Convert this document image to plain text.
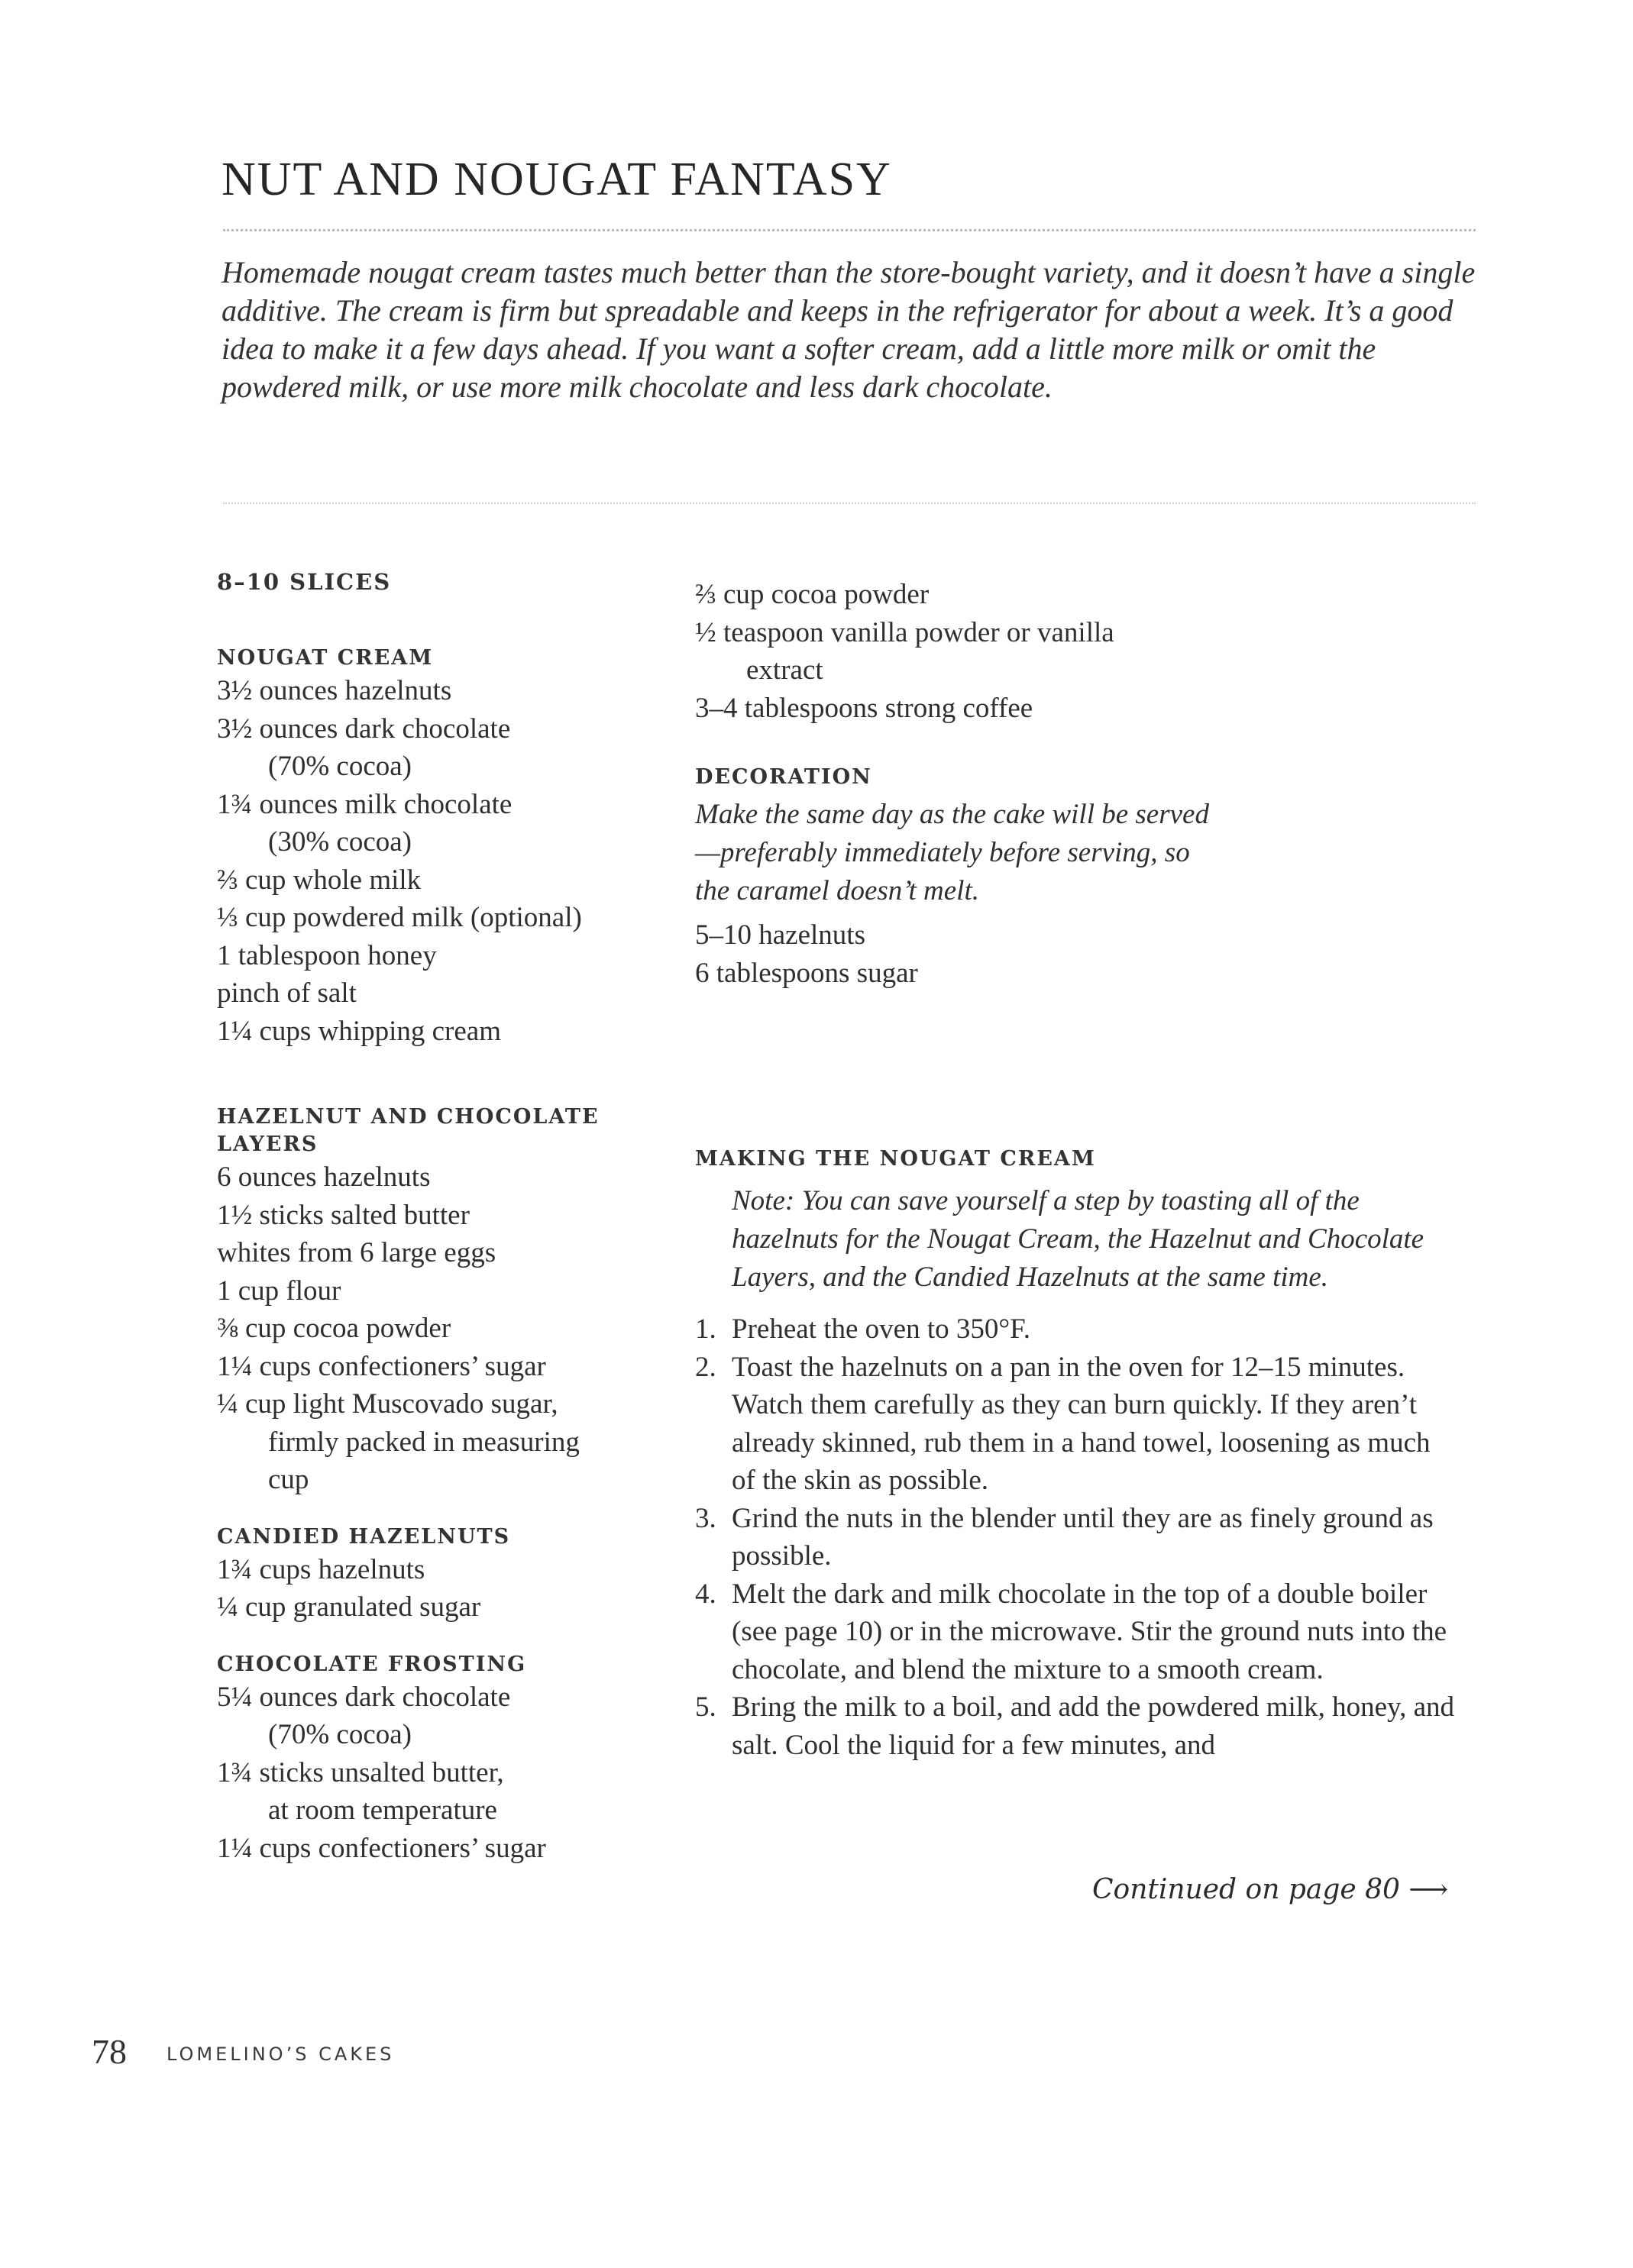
NUT AND NOUGAT FANTASY
Homemade nougat cream tastes much better than the store-bought variety, and it doesn’t have a single additive. The cream is firm but spreadable and keeps in the refrigerator for about a week. It’s a good idea to make it a few days ahead. If you want a softer cream, add a little more milk or omit the powdered milk, or use more milk chocolate and less dark chocolate.

8–10 SLICES

NOUGAT CREAM

3½ ounces hazelnuts

3½ ounces dark chocolate

(70% cocoa)

1¾ ounces milk chocolate

(30% cocoa)

⅔ cup whole milk

⅓ cup powdered milk (optional)

1 tablespoon honey

pinch of salt

1¼ cups whipping cream

HAZELNUT AND CHOCOLATE

LAYERS

6 ounces hazelnuts

1½ sticks salted butter

whites from 6 large eggs

1 cup flour

⅜ cup cocoa powder

1¼ cups confectioners’ sugar

¼ cup light Muscovado sugar,

firmly packed in measuring

cup

CANDIED HAZELNUTS

1¾ cups hazelnuts

¼ cup granulated sugar

CHOCOLATE FROSTING

5¼ ounces dark chocolate

(70% cocoa)

1¾ sticks unsalted butter,

at room temperature

1¼ cups confectioners’ sugar

⅔ cup cocoa powder

½ teaspoon vanilla powder or vanilla

extract

3–4 tablespoons strong coffee

DECORATION

Make the same day as the cake will be served—preferably immediately before serving, so the caramel doesn’t melt.

5–10 hazelnuts

6 tablespoons sugar

MAKING THE NOUGAT CREAM

Note: You can save yourself a step by toasting all of the hazelnuts for the Nougat Cream, the Hazelnut and Chocolate Layers, and the Candied Hazelnuts at the same time.
1. Preheat the oven to 350°F.
2. Toast the hazelnuts on a pan in the oven for 12–15 minutes. Watch them carefully as they can burn quickly. If they aren’t already skinned, rub them in a hand towel, loosening as much of the skin as possible.
3. Grind the nuts in the blender until they are as finely ground as possible.
4. Melt the dark and milk chocolate in the top of a double boiler (see page 10) or in the microwave. Stir the ground nuts into the chocolate, and blend the mixture to a smooth cream.
5. Bring the milk to a boil, and add the powdered milk, honey, and salt. Cool the liquid for a few minutes, and
Continued on page 80 ⟶
78 LOMELINO’S CAKES
